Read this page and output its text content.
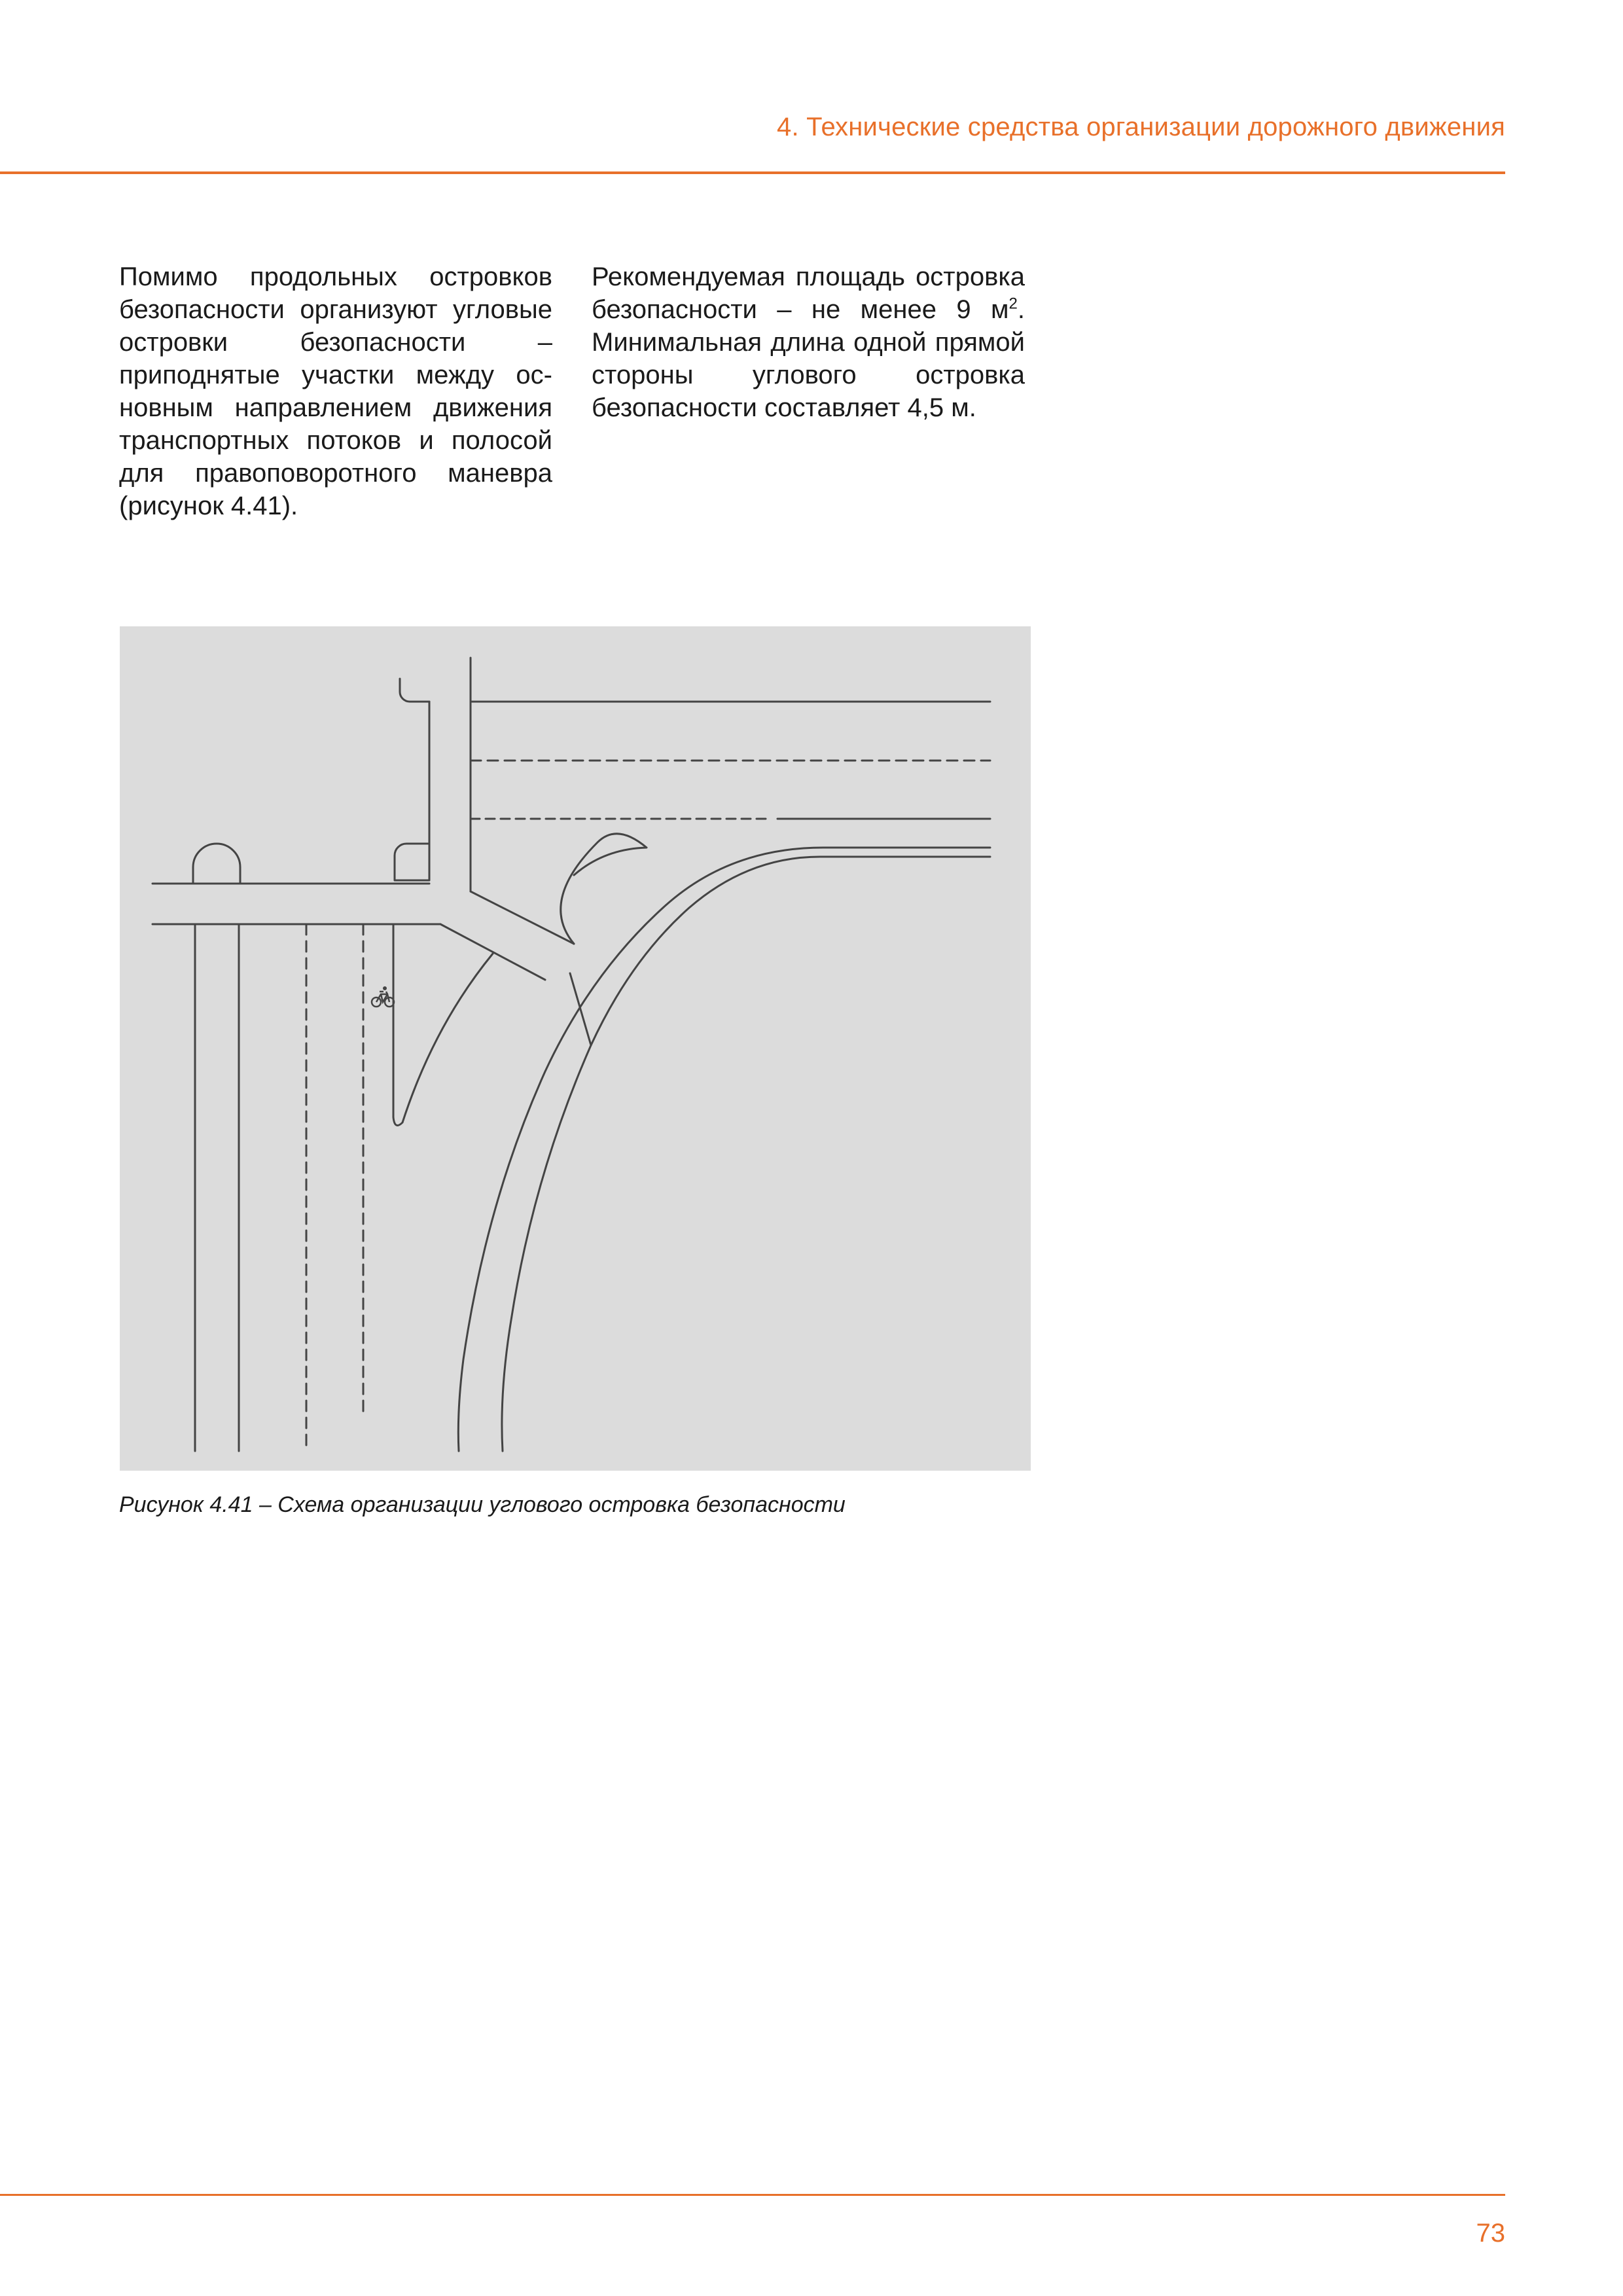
4. Технические средства организации дорожного движения
Помимо продольных островков безопасности организуют угловые островки безопасности – приподнятые участки между основным направлением движения транспортных потоков и полосой для правоповоротного маневра (рисунок 4.41).
Рекомендуемая площадь островка безопасности – не менее 9 $м^2$. Минимальная длина одной прямой стороны углового островка безопасности составляет 4,5 м.
Рисунок 4.41 – Схема организации углового островка безопасности
73
